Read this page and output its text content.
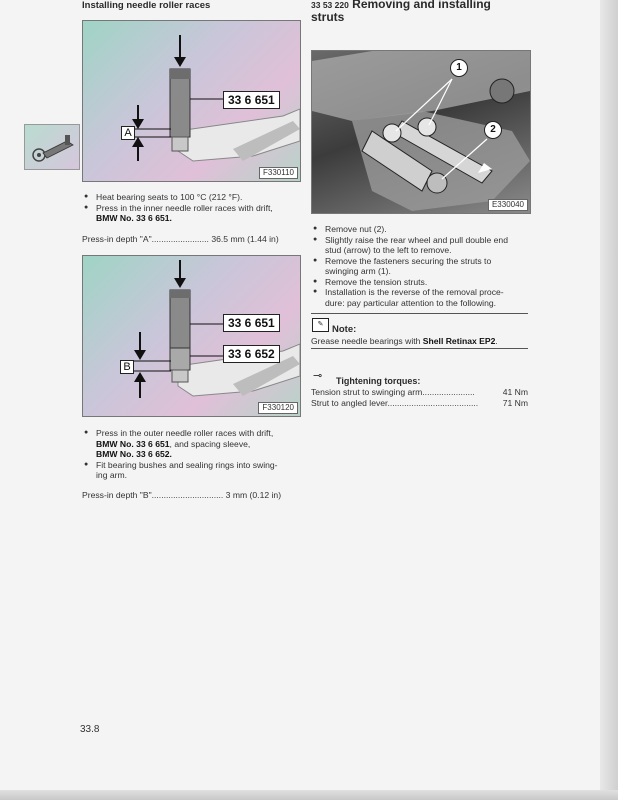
Installing needle roller races
33 6 651
A
F330110
● Heat bearing seats to 100 °C (212 °F).
● Press in the inner needle roller races with drift,
BMW No. 33 6 651.
Press-in depth "A"........................ 36.5 mm (1.44 in)
33 6 651
33 6 652
B
F330120
● Press in the outer needle roller races with drift,
BMW No. 33 6 651, and spacing sleeve,
BMW No. 33 6 652.
● Fit bearing bushes and sealing rings into swing-
ing arm.
Press-in depth "B".............................. 3 mm (0.12 in)
33.8
33 53 220 Removing and installing
struts
1
2
E330040
● Remove nut (2).
● Slightly raise the rear wheel and pull double end
stud (arrow) to the left to remove.
● Remove the fasteners securing the struts to
swinging arm (1).
● Remove the tension struts.
● Installation is the reverse of the removal proce-
dure: pay particular attention to the following.
✎ Note:
Grease needle bearings with Shell Retinax EP2.
⊸ Tightening torques:
Tension strut to swinging arm......................	41 Nm
Strut to angled lever......................................	71 Nm
